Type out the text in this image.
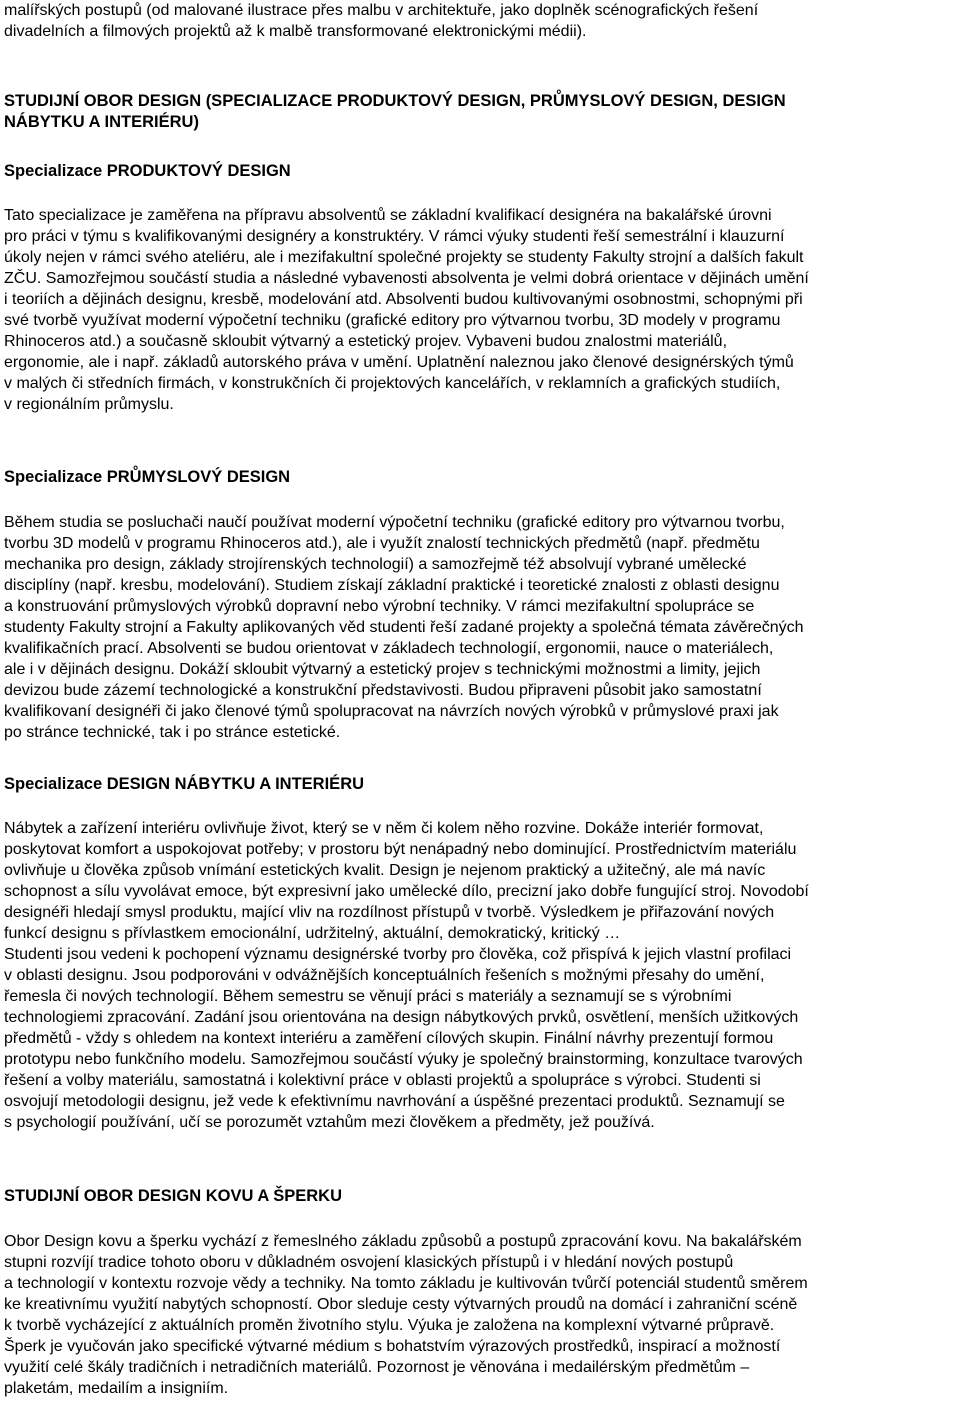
malířských postupů (od malované ilustrace přes malbu v architektuře, jako doplněk scénografických řešení
divadelních a filmových projektů až k malbě transformované elektronickými médii).
STUDIJNÍ OBOR DESIGN (SPECIALIZACE PRODUKTOVÝ DESIGN, PRŮMYSLOVÝ DESIGN, DESIGN
NÁBYTKU A INTERIÉRU)
Specializace PRODUKTOVÝ DESIGN
Tato specializace je zaměřena na přípravu absolventů se základní kvalifikací designéra na bakalářské úrovni
pro práci v týmu s kvalifikovanými designéry a konstruktéry. V rámci výuky studenti řeší semestrální i klauzurní
úkoly nejen v rámci svého ateliéru, ale i mezifakultní společné projekty se studenty Fakulty strojní a dalších fakult
ZČU. Samozřejmou součástí studia a následné vybavenosti absolventa je velmi dobrá orientace v dějinách umění
i teoriích a dějinách designu, kresbě, modelování atd. Absolventi budou kultivovanými osobnostmi, schopnými při
své tvorbě využívat moderní výpočetní techniku (grafické editory pro výtvarnou tvorbu, 3D modely v programu
Rhinoceros atd.) a současně skloubit výtvarný a estetický projev. Vybaveni budou znalostmi materiálů,
ergonomie, ale i např. základů autorského práva v umění. Uplatnění naleznou jako členové designérských týmů
v malých či středních firmách, v konstrukčních či projektových kancelářích, v reklamních a grafických studiích,
v regionálním průmyslu.
Specializace PRŮMYSLOVÝ DESIGN
Během studia se posluchači naučí používat moderní výpočetní techniku (grafické editory pro výtvarnou tvorbu,
tvorbu 3D modelů v programu Rhinoceros atd.), ale i využít znalostí technických předmětů (např. předmětu
mechanika pro design, základy strojírenských technologií) a samozřejmě též absolvují vybrané umělecké
disciplíny (např. kresbu, modelování). Studiem získají základní praktické i teoretické znalosti z oblasti designu
a konstruování průmyslových výrobků dopravní nebo výrobní techniky. V rámci mezifakultní spolupráce se
studenty Fakulty strojní a Fakulty aplikovaných věd studenti řeší zadané projekty a společná témata závěrečných
kvalifikačních prací. Absolventi se budou orientovat v základech technologií, ergonomii, nauce o materiálech,
ale i v dějinách designu. Dokáží skloubit výtvarný a estetický projev s technickými možnostmi a limity, jejich
devizou bude zázemí technologické a konstrukční představivosti. Budou připraveni působit jako samostatní
kvalifikovaní designéři či jako členové týmů spolupracovat na návrzích nových výrobků v průmyslové praxi jak
po stránce technické, tak i po stránce estetické.
Specializace DESIGN NÁBYTKU A INTERIÉRU
Nábytek a zařízení interiéru ovlivňuje život, který se v něm či kolem něho rozvine. Dokáže interiér formovat,
poskytovat komfort a uspokojovat potřeby; v prostoru být nenápadný nebo dominující. Prostřednictvím materiálu
ovlivňuje u člověka způsob vnímání estetických kvalit. Design je nejenom praktický a užitečný, ale má navíc
schopnost a sílu vyvolávat emoce, být expresivní jako umělecké dílo, precizní jako dobře fungující stroj. Novodobí
designéři hledají smysl produktu, mající vliv na rozdílnost přístupů v tvorbě. Výsledkem je přiřazování nových
funkcí designu s přívlastkem emocionální, udržitelný, aktuální, demokratický, kritický …
Studenti jsou vedeni k pochopení významu designérské tvorby pro člověka, což přispívá k jejich vlastní profilaci
v oblasti designu. Jsou podporováni v odvážnějších konceptuálních řešeních s možnými přesahy do umění,
řemesla či nových technologií. Během semestru se věnují práci s materiály a seznamují se s výrobními
technologiemi zpracování. Zadání jsou orientována na design nábytkových prvků, osvětlení, menších užitkových
předmětů - vždy s ohledem na kontext interiéru a zaměření cílových skupin. Finální návrhy prezentují formou
prototypu nebo funkčního modelu. Samozřejmou součástí výuky je společný brainstorming, konzultace tvarových
řešení a volby materiálu, samostatná i kolektivní práce v oblasti projektů a spolupráce s výrobci. Studenti si
osvojují metodologii designu, jež vede k efektivnímu navrhování a úspěšné prezentaci produktů. Seznamují se
s psychologií používání, učí se porozumět vztahům mezi člověkem a předměty, jež používá.
STUDIJNÍ OBOR DESIGN KOVU A ŠPERKU
Obor Design kovu a šperku vychází z řemeslného základu způsobů a postupů zpracování kovu. Na bakalářském
stupni rozvíjí tradice tohoto oboru v důkladném osvojení klasických přístupů i v hledání nových postupů
a technologií v kontextu rozvoje vědy a techniky. Na tomto základu je kultivován tvůrčí potenciál studentů směrem
ke kreativnímu využití nabytých schopností. Obor sleduje cesty výtvarných proudů na domácí i zahraniční scéně
k tvorbě vycházející z aktuálních proměn životního stylu. Výuka je založena na komplexní výtvarné průpravě.
Šperk je vyučován jako specifické výtvarné médium s bohatstvím výrazových prostředků, inspirací a možností
využití celé škály tradičních i netradičních materiálů. Pozornost je věnována i medailérským předmětům –
plaketám, medailím a insigniím.
